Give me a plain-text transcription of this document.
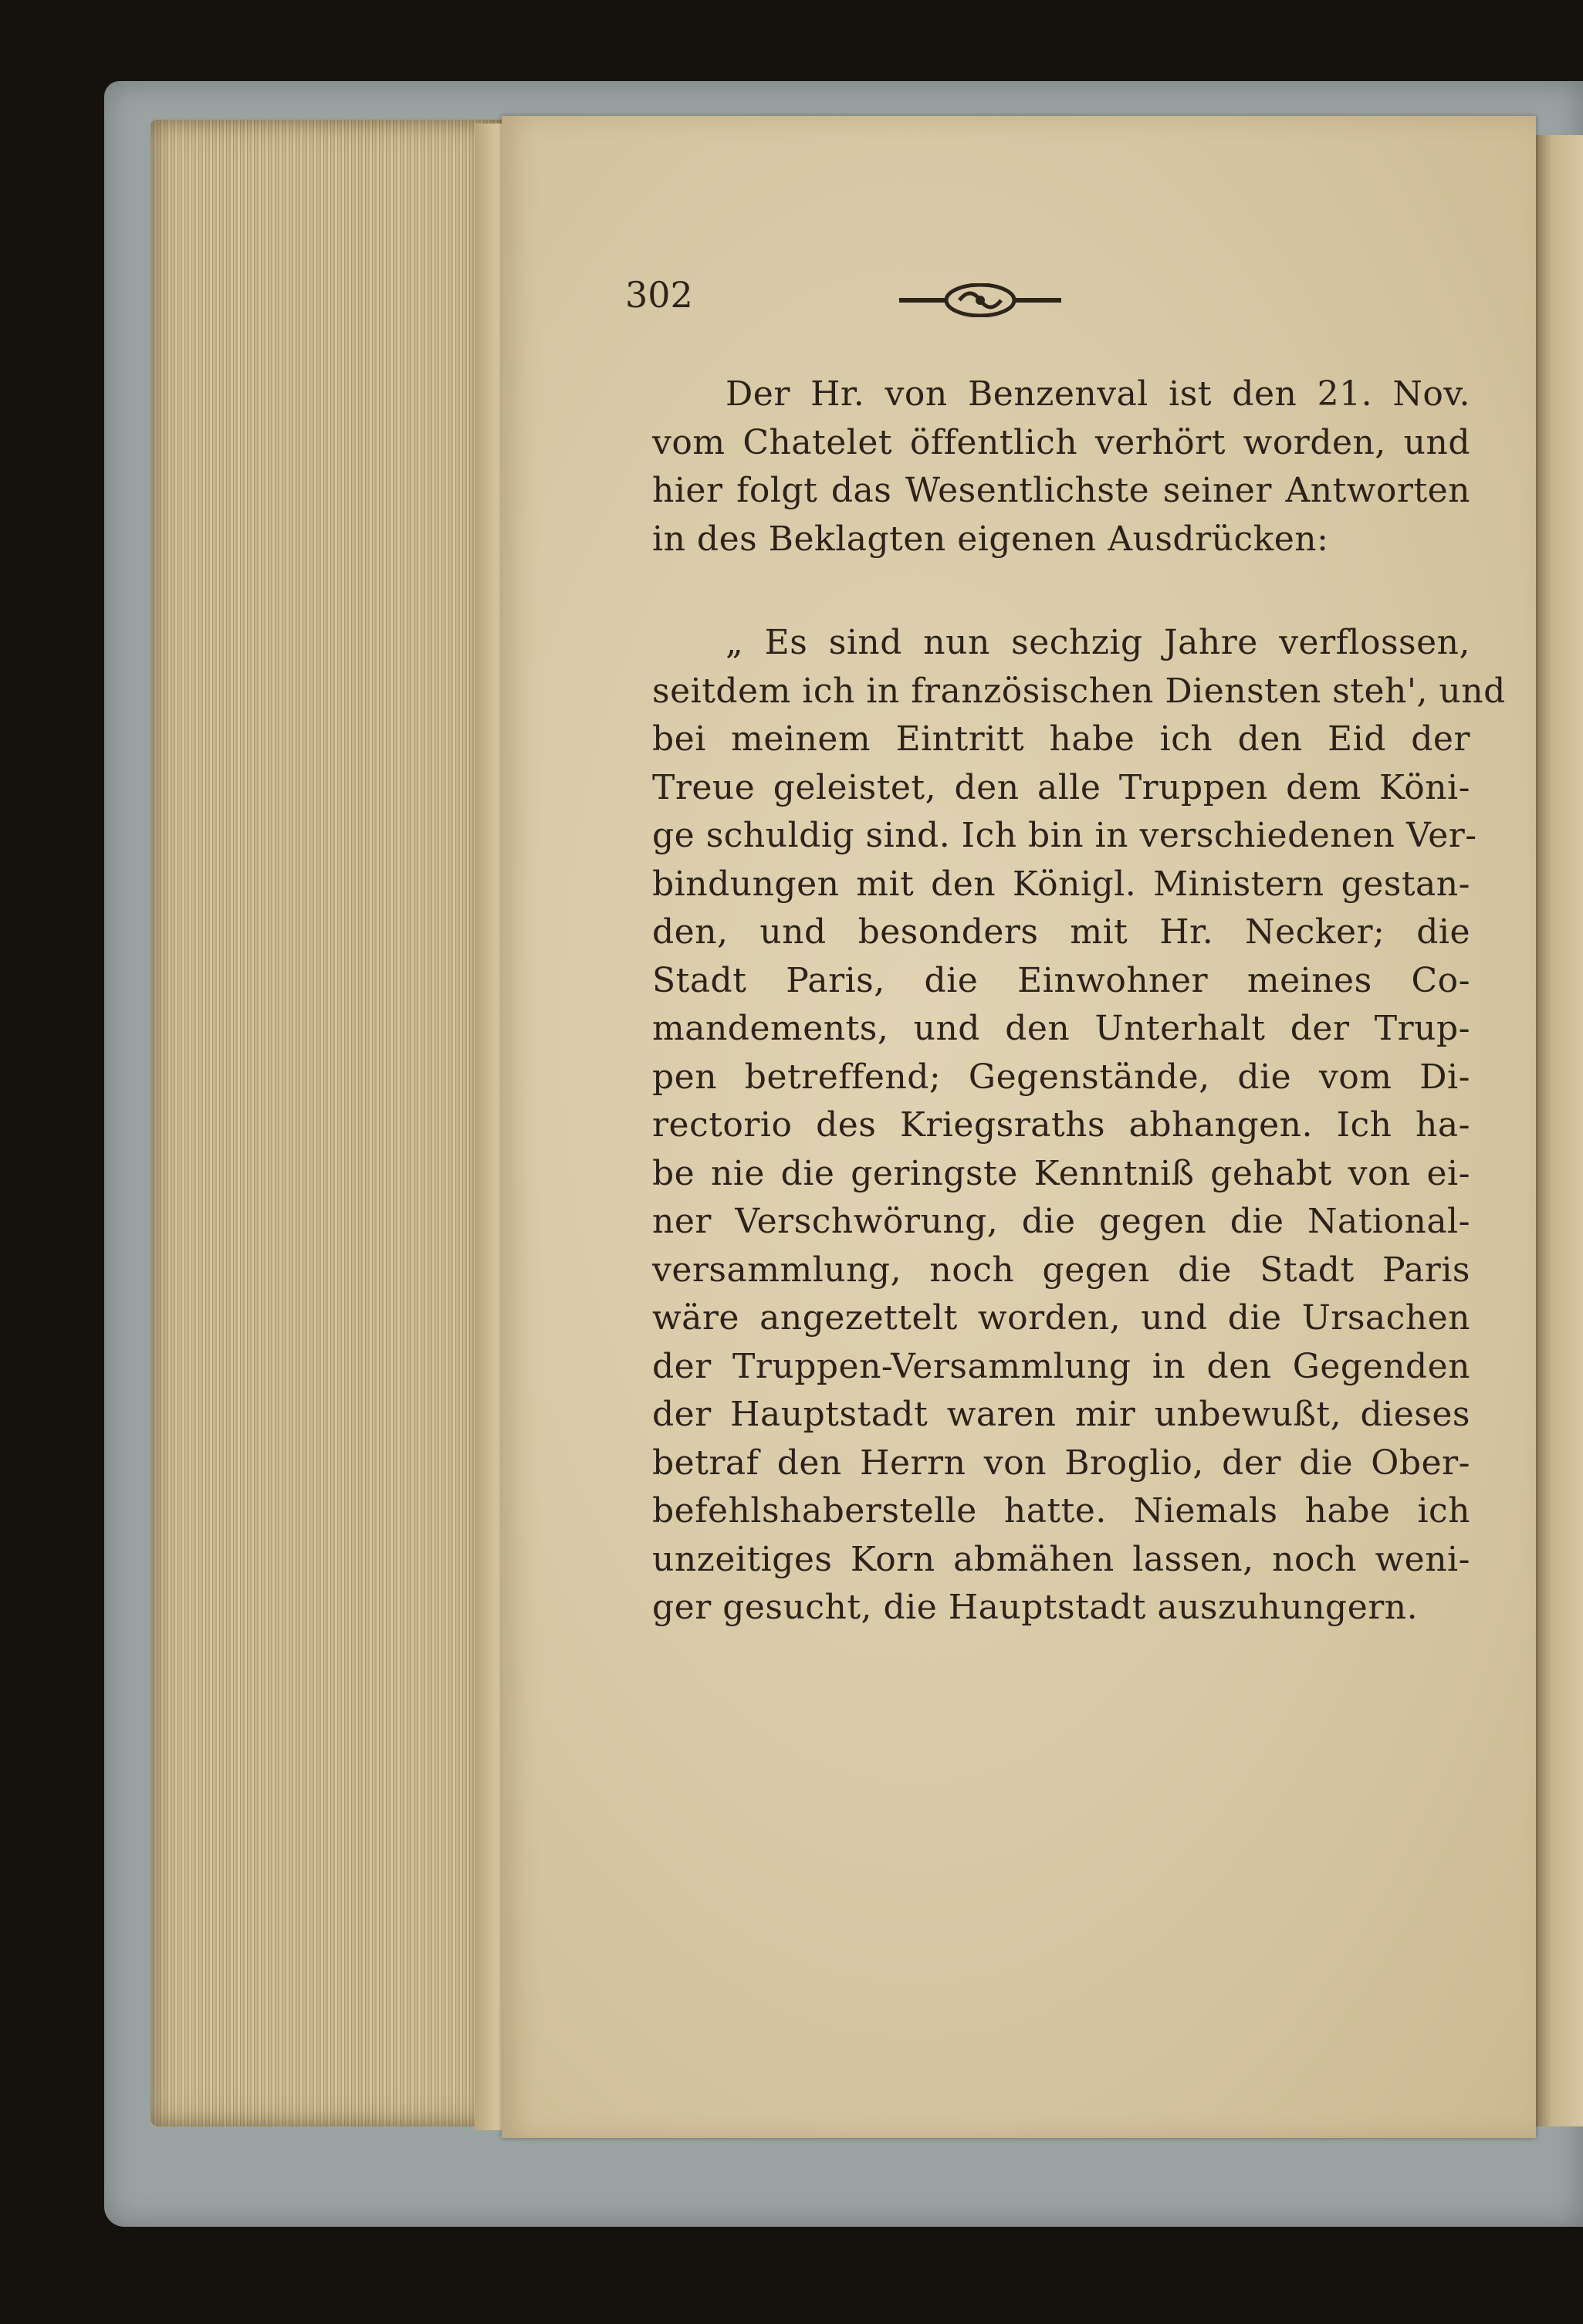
302
Der Hr. von Benzenval ist den 21. Nov.
vom Chatelet öffentlich verhört worden, und
hier folgt das Wesentlichste seiner Antworten
in des Beklagten eigenen Ausdrücken:
„ Es sind nun sechzig Jahre verflossen,
seitdem ich in französischen Diensten steh', und
bei meinem Eintritt habe ich den Eid der
Treue geleistet, den alle Truppen dem Köni-
ge schuldig sind. Ich bin in verschiedenen Ver-
bindungen mit den Königl. Ministern gestan-
den, und besonders mit Hr. Necker; die
Stadt Paris, die Einwohner meines Co-
mandements, und den Unterhalt der Trup-
pen betreffend; Gegenstände, die vom Di-
rectorio des Kriegsraths abhangen. Ich ha-
be nie die geringste Kenntniß gehabt von ei-
ner Verschwörung, die gegen die National-
versammlung, noch gegen die Stadt Paris
wäre angezettelt worden, und die Ursachen
der Truppen-Versammlung in den Gegenden
der Hauptstadt waren mir unbewußt, dieses
betraf den Herrn von Broglio, der die Ober-
befehlshaberstelle hatte. Niemals habe ich
unzeitiges Korn abmähen lassen, noch weni-
ger gesucht, die Hauptstadt auszuhungern.
